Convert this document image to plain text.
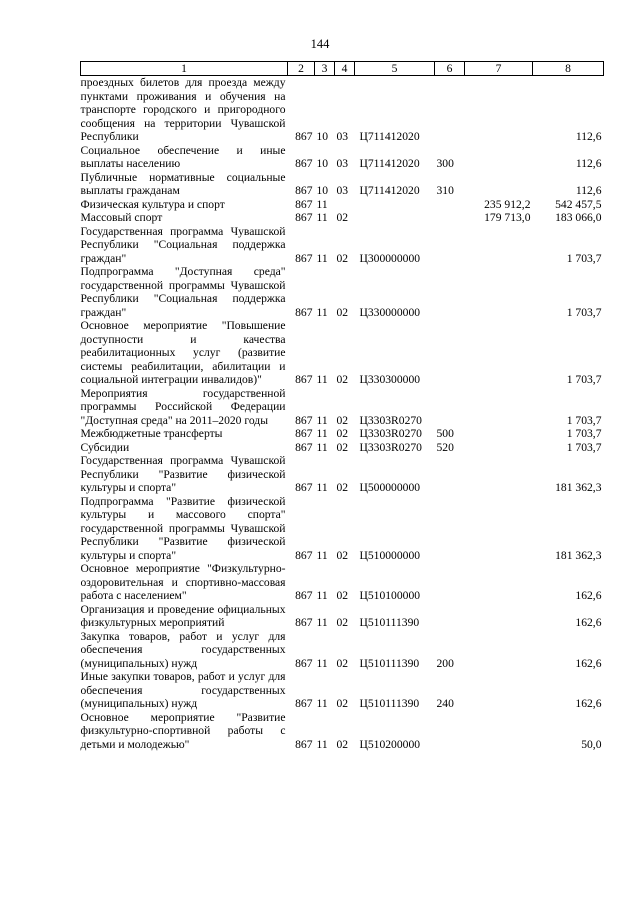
144
1	2	3	4	5	6	7	8
проездных билетов для проезда между пунктами проживания и обучения на транспорте городского и пригородного сообщения на территории Чувашской Республики	867	10	03	Ц711412020			112,6
Социальное обеспечение и иные выплаты населению	867	10	03	Ц711412020	300		112,6
Публичные нормативные социальные выплаты гражданам	867	10	03	Ц711412020	310		112,6
Физическая культура и спорт	867	11				235 912,2	542 457,5
Массовый спорт	867	11	02			179 713,0	183 066,0
Государственная программа Чувашской Республики "Социальная поддержка граждан"	867	11	02	Ц300000000			1 703,7
Подпрограмма "Доступная среда" государственной программы Чувашской Республики "Социальная поддержка граждан"	867	11	02	Ц330000000			1 703,7
Основное мероприятие "Повышение доступности и качества реабилитационных услуг (развитие системы реабилитации, абилитации и социальной интеграции инвалидов)"	867	11	02	Ц330300000			1 703,7
Мероприятия государственной программы Российской Федерации "Доступная среда" на 2011–2020 годы	867	11	02	Ц3303R0270			1 703,7
Межбюджетные трансферты	867	11	02	Ц3303R0270	500		1 703,7
Субсидии	867	11	02	Ц3303R0270	520		1 703,7
Государственная программа Чувашской Республики "Развитие физической культуры и спорта"	867	11	02	Ц500000000			181 362,3
Подпрограмма "Развитие физической культуры и массового спорта" государственной программы Чувашской Республики "Развитие физической культуры и спорта"	867	11	02	Ц510000000			181 362,3
Основное мероприятие "Физкультурно-оздоровительная и спортивно-массовая работа с населением"	867	11	02	Ц510100000			162,6
Организация и проведение официальных физкультурных мероприятий	867	11	02	Ц510111390			162,6
Закупка товаров, работ и услуг для обеспечения государственных (муниципальных) нужд	867	11	02	Ц510111390	200		162,6
Иные закупки товаров, работ и услуг для обеспечения государственных (муниципальных) нужд	867	11	02	Ц510111390	240		162,6
Основное мероприятие "Развитие физкультурно-спортивной работы с детьми и молодежью"	867	11	02	Ц510200000			50,0
